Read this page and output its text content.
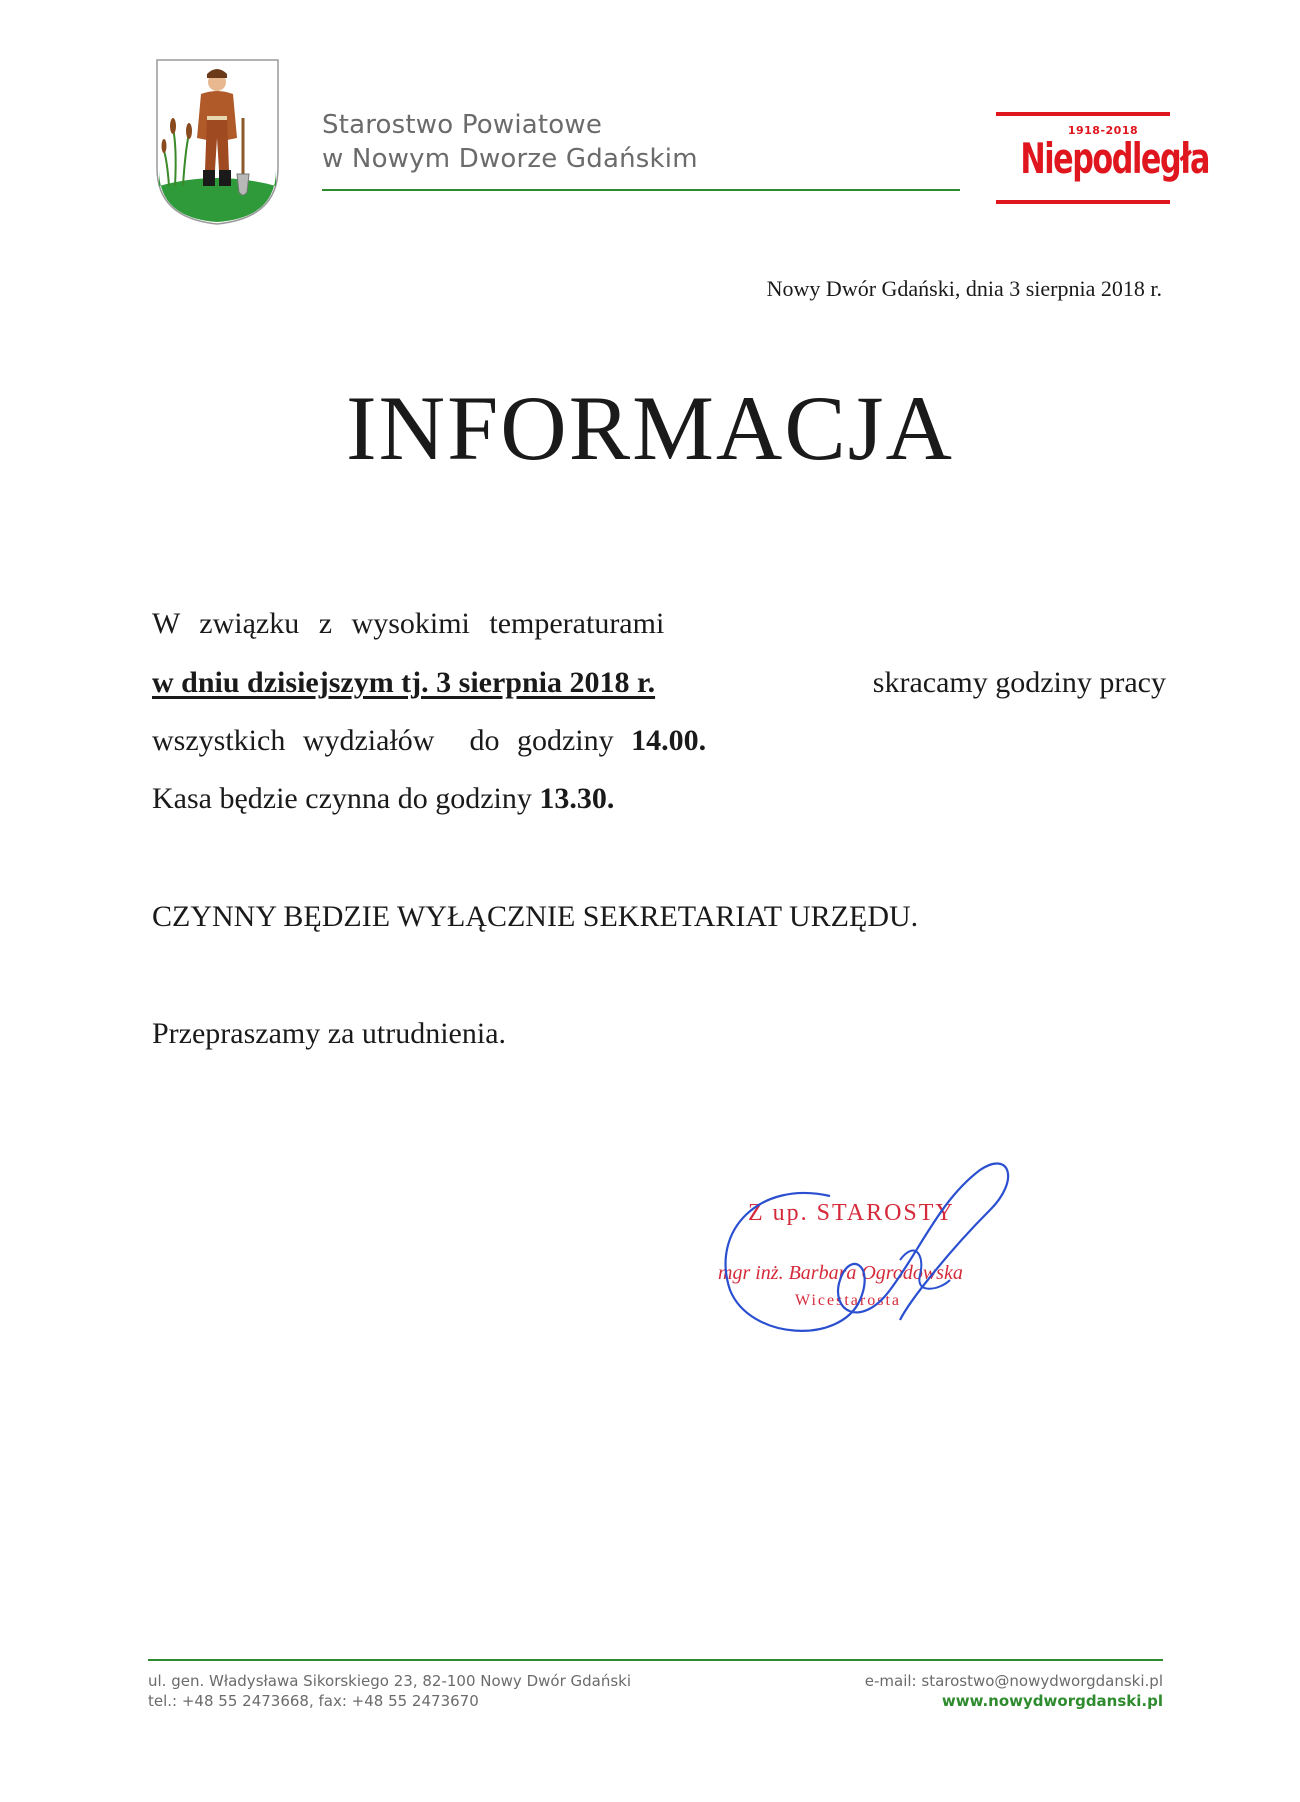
Starostwo Powiatowe
w Nowym Dworze Gdańskim
1918-2018
Niepodległa
Nowy Dwór Gdański, dnia 3 sierpnia 2018 r.
INFORMACJA
W związku z wysokimi temperaturami
w dniu dzisiejszym tj. 3 sierpnia 2018 r.	skracamy godziny pracy
wszystkich wydziałów  do godziny 14.00.
Kasa będzie czynna do godziny 13.30.
CZYNNY BĘDZIE WYŁĄCZNIE SEKRETARIAT URZĘDU.
Przepraszamy za utrudnienia.
Z up. STAROSTY
mgr inż. Barbara Ogrodowska
Wicestarosta
ul. gen. Władysława Sikorskiego 23, 82-100 Nowy Dwór Gdański
tel.: +48 55 2473668, fax: +48 55 2473670
e-mail: starostwo@nowydworgdanski.pl
www.nowydworgdanski.pl
